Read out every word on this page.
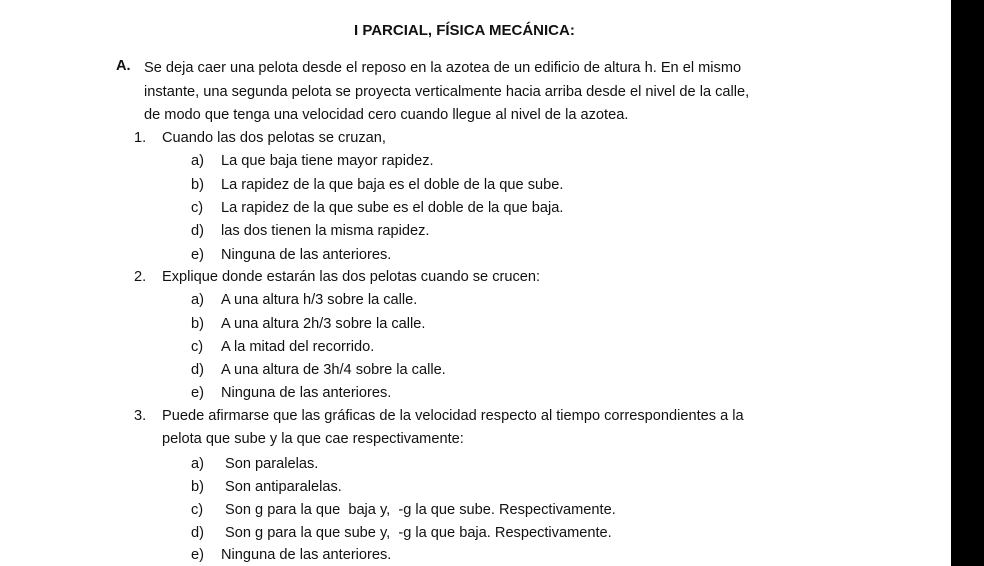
I PARCIAL, FÍSICA MECÁNICA:
A. Se deja caer una pelota desde el reposo en la azotea de un edificio de altura h. En el mismo
instante, una segunda pelota se proyecta verticalmente hacia arriba desde el nivel de la calle,
de modo que tenga una velocidad cero cuando llegue al nivel de la azotea.
1. Cuando las dos pelotas se cruzan,
a) La que baja tiene mayor rapidez.
b) La rapidez de la que baja es el doble de la que sube.
c) La rapidez de la que sube es el doble de la que baja.
d) las dos tienen la misma rapidez.
e) Ninguna de las anteriores.
2. Explique donde estarán las dos pelotas cuando se crucen:
a) A una altura h/3 sobre la calle.
b) A una altura 2h/3 sobre la calle.
c) A la mitad del recorrido.
d) A una altura de 3h/4 sobre la calle.
e) Ninguna de las anteriores.
3. Puede afirmarse que las gráficas de la velocidad respecto al tiempo correspondientes a la
pelota que sube y la que cae respectivamente:
a) Son paralelas.
b) Son antiparalelas.
c) Son g para la que  baja y,  -g la que sube. Respectivamente.
d) Son g para la que sube y,  -g la que baja. Respectivamente.
e) Ninguna de las anteriores.
